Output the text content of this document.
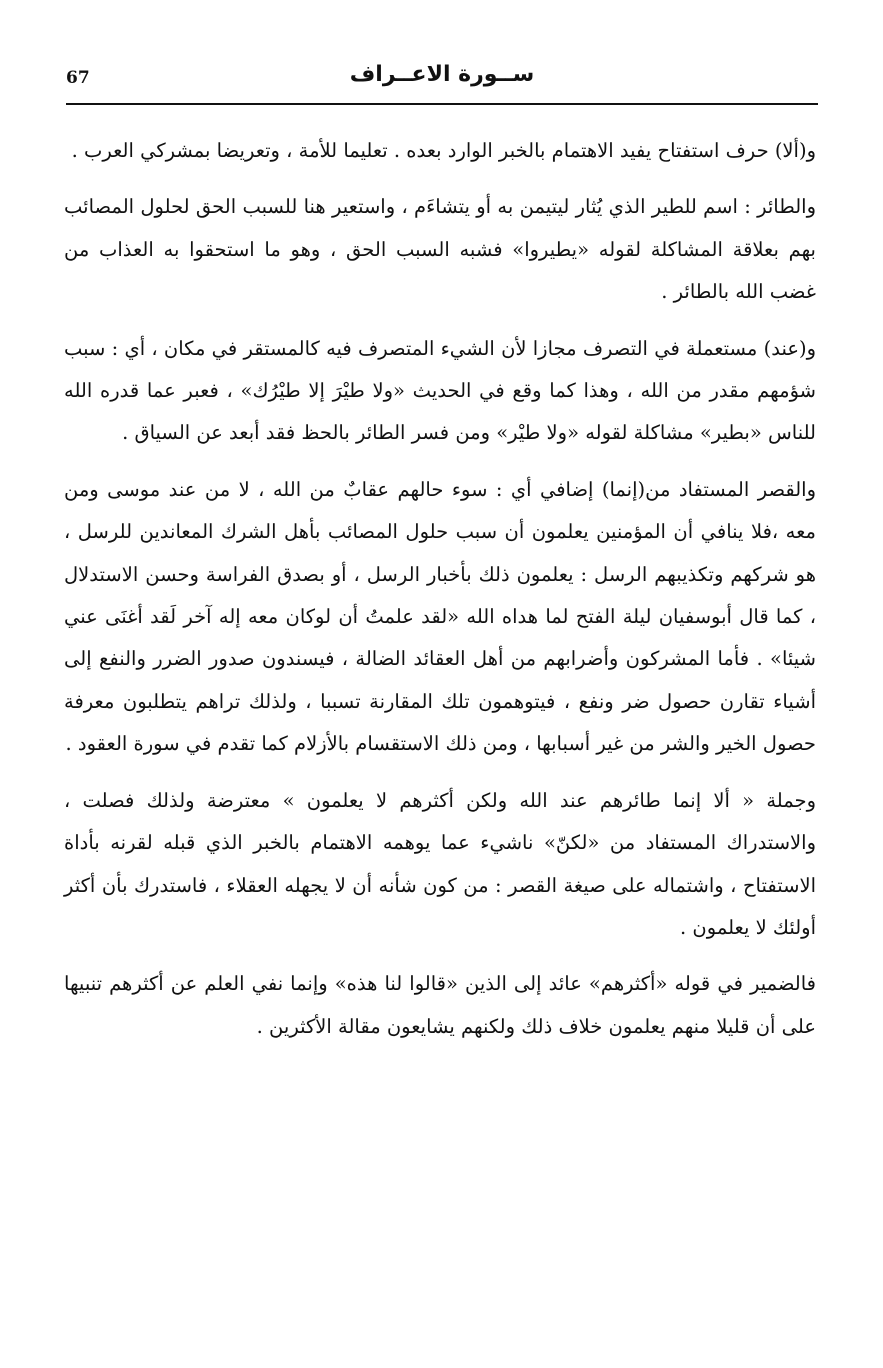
67	ســورة الاعــراف

و(ألا) حرف استفتاح يفيد الاهتمام بالخبر الوارد بعده . تعليما للأمة ، وتعريضا بمشركي العرب .

والطائر : اسم للطير الذي يُثار ليتيمن به أو يتشاءَم ، واستعير هنا للسبب الحق لحلول المصائب بهم بعلاقة المشاكلة لقوله «يطيروا» فشبه السبب الحق ، وهو ما استحقوا به العذاب من غضب الله بالطائر .

و(عند) مستعملة في التصرف مجازا لأن الشيء المتصرف فيه كالمستقر في مكان ، أي : سبب شؤمهم مقدر من الله ، وهذا كما وقع في الحديث «ولا طيْرَ إلا طيْرُك» ، فعبر عما قدره الله للناس «بطير» مشاكلة لقوله «ولا طيْر» ومن فسر الطائر بالحظ فقد أبعد عن السياق .

والقصر المستفاد من(إنما) إضافي أي : سوء حالهم عقابٌ من الله ، لا من عند موسى ومن معه ،فلا ينافي أن المؤمنين يعلمون أن سبب حلول المصائب بأهل الشرك المعاندين للرسل ، هو شركهم وتكذيبهم الرسل : يعلمون ذلك بأخبار الرسل ، أو بصدق الفراسة وحسن الاستدلال ، كما قال أبوسفيان ليلة الفتح لما هداه الله «لقد علمتُ أن لوكان معه إله آخر لَقد أغنَى عني شيئا» . فأما المشركون وأضرابهم من أهل العقائد الضالة ، فيسندون صدور الضرر والنفع إلى أشياء تقارن حصول ضر ونفع ، فيتوهمون تلك المقارنة تسببا ، ولذلك تراهم يتطلبون معرفة حصول الخير والشر من غير أسبابها ، ومن ذلك الاستقسام بالأزلام كما تقدم في سورة العقود .

وجملة « ألا إنما طائرهم عند الله ولكن أكثرهم لا يعلمون » معترضة ولذلك فصلت ، والاستدراك المستفاد من «لكنّ» ناشيء عما يوهمه الاهتمام بالخبر الذي قبله لقرنه بأداة الاستفتاح ، واشتماله على صيغة القصر : من كون شأنه أن لا يجهله العقلاء ، فاستدرك بأن أكثر أولئك لا يعلمون .

فالضمير في قوله «أكثرهم» عائد إلى الذين «قالوا لنا هذه» وإنما نفي العلم عن أكثرهم تنبيها على أن قليلا منهم يعلمون خلاف ذلك ولكنهم يشايعون مقالة الأكثرين .
